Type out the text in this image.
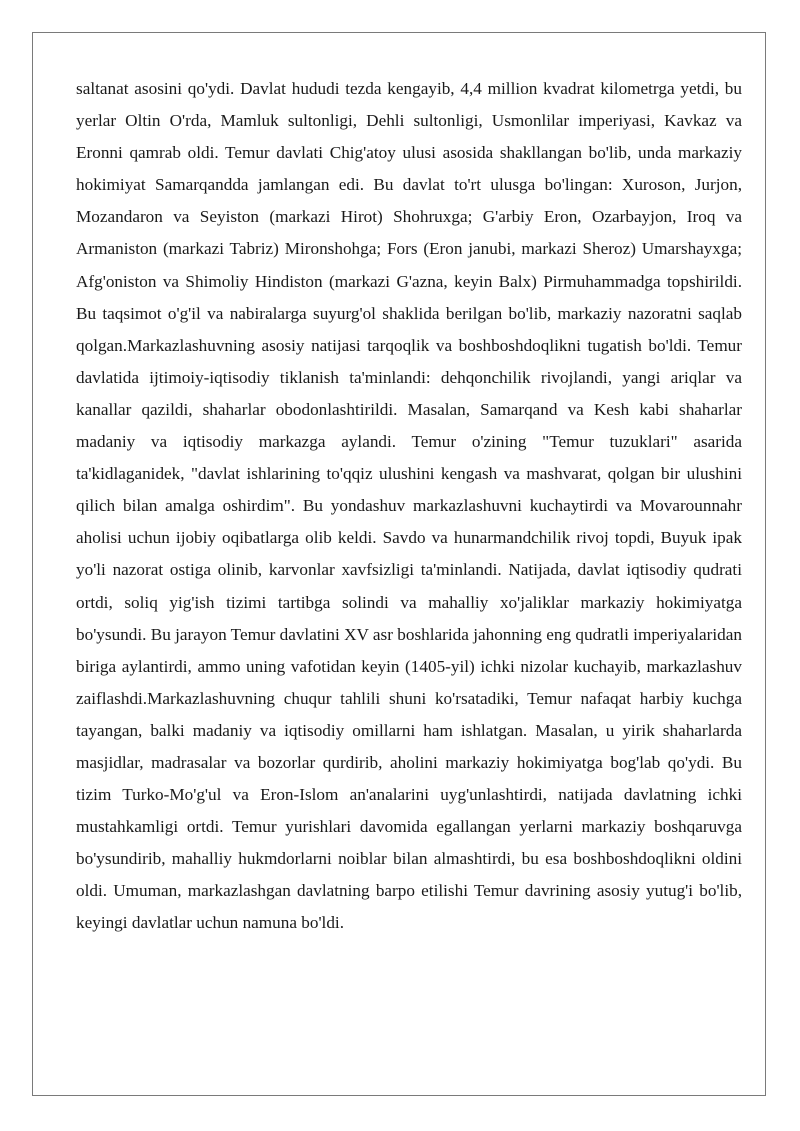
saltanat asosini qo'ydi. Davlat hududi tezda kengayib, 4,4 million kvadrat kilometrga yetdi, bu yerlar Oltin O'rda, Mamluk sultonligi, Dehli sultonligi, Usmonlilar imperiyasi, Kavkaz va Eronni qamrab oldi. Temur davlati Chig'atoy ulusi asosida shakllangan bo'lib, unda markaziy hokimiyat Samarqandda jamlangan edi. Bu davlat to'rt ulusga bo'lingan: Xuroson, Jurjon, Mozandaron va Seyiston (markazi Hirot) Shohruxga; G'arbiy Eron, Ozarbayjon, Iroq va Armaniston (markazi Tabriz) Mironshohga; Fors (Eron janubi, markazi Sheroz) Umarshayxga; Afg'oniston va Shimoliy Hindiston (markazi G'azna, keyin Balx) Pirmuhammadga topshirildi. Bu taqsimot o'g'il va nabiralarga suyurg'ol shaklida berilgan bo'lib, markaziy nazoratni saqlab qolgan.Markazlashuvning asosiy natijasi tarqoqlik va boshboshdoqlikni tugatish bo'ldi. Temur davlatida ijtimoiy-iqtisodiy tiklanish ta'minlandi: dehqonchilik rivojlandi, yangi ariqlar va kanallar qazildi, shaharlar obodonlashtirildi. Masalan, Samarqand va Kesh kabi shaharlar madaniy va iqtisodiy markazga aylandi. Temur o'zining "Temur tuzuklari" asarida ta'kidlaganidek, "davlat ishlarining to'qqiz ulushini kengash va mashvarat, qolgan bir ulushini qilich bilan amalga oshirdim". Bu yondashuv markazlashuvni kuchaytirdi va Movarounnahr aholisi uchun ijobiy oqibatlarga olib keldi. Savdo va hunarmandchilik rivoj topdi, Buyuk ipak yo'li nazorat ostiga olinib, karvonlar xavfsizligi ta'minlandi. Natijada, davlat iqtisodiy qudrati ortdi, soliq yig'ish tizimi tartibga solindi va mahalliy xo'jaliklar markaziy hokimiyatga bo'ysundi. Bu jarayon Temur davlatini XV asr boshlarida jahonning eng qudratli imperiyalaridan biriga aylantirdi, ammo uning vafotidan keyin (1405-yil) ichki nizolar kuchayib, markazlashuv zaiflashdi.Markazlashuvning chuqur tahlili shuni ko'rsatadiki, Temur nafaqat harbiy kuchga tayangan, balki madaniy va iqtisodiy omillarni ham ishlatgan. Masalan, u yirik shaharlarda masjidlar, madrasalar va bozorlar qurdirib, aholini markaziy hokimiyatga bog'lab qo'ydi. Bu tizim Turko-Mo'g'ul va Eron-Islom an'analarini uyg'unlashtirdi, natijada davlatning ichki mustahkamligi ortdi. Temur yurishlari davomida egallangan yerlarni markaziy boshqaruvga bo'ysundirib, mahalliy hukmdorlarni noiblar bilan almashtirdi, bu esa boshboshdoqlikni oldini oldi. Umuman, markazlashgan davlatning barpo etilishi Temur davrining asosiy yutug'i bo'lib, keyingi davlatlar uchun namuna bo'ldi.
